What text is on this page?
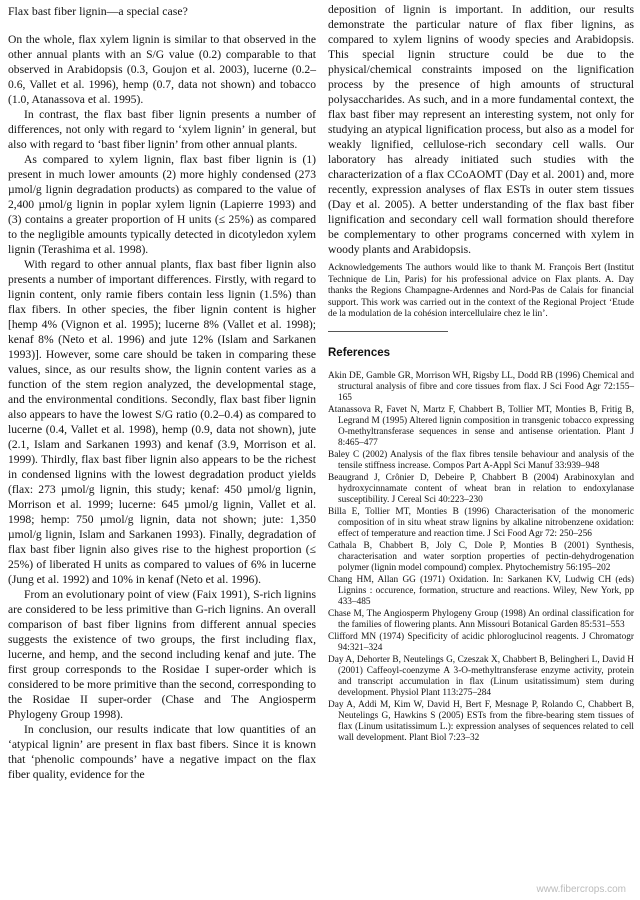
Flax bast fiber lignin—a special case?

On the whole, flax xylem lignin is similar to that observed in the other annual plants with an S/G value (0.2) comparable to that observed in Arabidopsis (0.3, Goujon et al. 2003), lucerne (0.2–0.6, Vallet et al. 1996), hemp (0.7, data not shown) and tobacco (1.0, Atanassova et al. 1995).

In contrast, the flax bast fiber lignin presents a number of differences, not only with regard to ‘xylem lignin’ in general, but also with regard to ‘bast fiber lignin’ from other annual plants.

As compared to xylem lignin, flax bast fiber lignin is (1) present in much lower amounts (2) more highly condensed (273 µmol/g lignin degradation products) as compared to the value of 2,400 µmol/g lignin in poplar xylem lignin (Lapierre 1993) and (3) contains a greater proportion of H units (≤ 25%) as compared to the negligible amounts typically detected in dicotyledon xylem lignin (Terashima et al. 1998).

With regard to other annual plants, flax bast fiber lignin also presents a number of important differences. Firstly, with regard to lignin content, only ramie fibers contain less lignin (1.5%) than flax fibers. In other species, the fiber lignin content is higher [hemp 4% (Vignon et al. 1995); lucerne 8% (Vallet et al. 1998); kenaf 8% (Neto et al. 1996) and jute 12% (Islam and Sarkanen 1993)]. However, some care should be taken in comparing these values, since, as our results show, the lignin content varies as a function of the stem region analyzed, the developmental stage, and the environmental conditions. Secondly, flax bast fiber lignin also appears to have the lowest S/G ratio (0.2–0.4) as compared to lucerne (0.4, Vallet et al. 1998), hemp (0.9, data not shown), jute (2.1, Islam and Sarkanen 1993) and kenaf (3.9, Morrison et al. 1999). Thirdly, flax bast fiber lignin also appears to be the richest in condensed lignins with the lowest degradation product yields (flax: 273 µmol/g lignin, this study; kenaf: 450 µmol/g lignin, Morrison et al. 1999; lucerne: 645 µmol/g lignin, Vallet et al. 1998; hemp: 750 µmol/g lignin, data not shown; jute: 1,350 µmol/g lignin, Islam and Sarkanen 1993). Finally, degradation of flax bast fiber lignin also gives rise to the highest proportion (≤ 25%) of liberated H units as compared to values of 6% in lucerne (Jung et al. 1992) and 10% in kenaf (Neto et al. 1996).

From an evolutionary point of view (Faix 1991), S-rich lignins are considered to be less primitive than G-rich lignins. An overall comparison of bast fiber lignins from different annual species suggests the existence of two groups, the first including flax, lucerne, and hemp, and the second including kenaf and jute. The first group corresponds to the Rosidae I super-order which is considered to be more primitive than the second, corresponding to the Rosidae II super-order (Chase and The Angiosperm Phylogeny Group 1998).

In conclusion, our results indicate that low quantities of an ‘atypical lignin’ are present in flax bast fibers. Since it is known that ‘phenolic compounds’ have a negative impact on the flax fiber quality, evidence for the

deposition of lignin is important. In addition, our results demonstrate the particular nature of flax fiber lignins, as compared to xylem lignins of woody species and Arabidopsis. This special lignin structure could be due to the physical/chemical constraints imposed on the lignification process by the presence of high amounts of structural polysaccharides. As such, and in a more fundamental context, the flax bast fiber may represent an interesting system, not only for studying an atypical lignification process, but also as a model for weakly lignified, cellulose-rich secondary cell walls. Our laboratory has already initiated such studies with the characterization of a flax CCoAOMT (Day et al. 2001) and, more recently, expression analyses of flax ESTs in outer stem tissues (Day et al. 2005). A better understanding of the flax bast fiber lignification and secondary cell wall formation should therefore be complementary to other programs concerned with xylem in woody plants and Arabidopsis.

Acknowledgements The authors would like to thank M. François Bert (Institut Technique de Lin, Paris) for his professional advice on Flax plants. A. Day thanks the Regions Champagne-Ardennes and Nord-Pas de Calais for financial support. This work was carried out in the context of the Regional Project ‘Etude de la modulation de la cohésion intercellulaire chez le lin’.

References

Akin DE, Gamble GR, Morrison WH, Rigsby LL, Dodd RB (1996) Chemical and structural analysis of fibre and core tissues from flax. J Sci Food Agr 72:155–165

Atanassova R, Favet N, Martz F, Chabbert B, Tollier MT, Monties B, Fritig B, Legrand M (1995) Altered lignin composition in transgenic tobacco expressing O-methyltransferase sequences in sense and antisense orientation. Plant J 8:465–477

Baley C (2002) Analysis of the flax fibres tensile behaviour and analysis of the tensile stiffness increase. Compos Part A-Appl Sci Manuf 33:939–948

Beaugrand J, Crônier D, Debeire P, Chabbert B (2004) Arabinoxylan and hydroxycinnamate content of wheat bran in relation to endoxylanase susceptibility. J Cereal Sci 40:223–230

Billa E, Tollier MT, Monties B (1996) Characterisation of the monomeric composition of in situ wheat straw lignins by alkaline nitrobenzene oxidation: effect of temperature and reaction time. J Sci Food Agr 72: 250–256

Cathala B, Chabbert B, Joly C, Dole P, Monties B (2001) Synthesis, characterisation and water sorption properties of pectin-dehydrogenation polymer (lignin model compound) complex. Phytochemistry 56:195–202

Chang HM, Allan GG (1971) Oxidation. In: Sarkanen KV, Ludwig CH (eds) Lignins : occurence, formation, structure and reactions. Wiley, New York, pp 433–485

Chase M, The Angiosperm Phylogeny Group (1998) An ordinal classification for the families of flowering plants. Ann Missouri Botanical Garden 85:531–553

Clifford MN (1974) Specificity of acidic phloroglucinol reagents. J Chromatogr 94:321–324

Day A, Dehorter B, Neutelings G, Czeszak X, Chabbert B, Belingheri L, David H (2001) Caffeoyl-coenzyme A 3-O-methyltransferase enzyme activity, protein and transcript accumulation in flax (Linum usitatissimum) stem during development. Physiol Plant 113:275–284

Day A, Addi M, Kim W, David H, Bert F, Mesnage P, Rolando C, Chabbert B, Neutelings G, Hawkins S (2005) ESTs from the fibre-bearing stem tissues of flax (Linum usitatissimum L.): expression analyses of sequences related to cell wall development. Plant Biol 7:23–32

www.fibercrops.com
